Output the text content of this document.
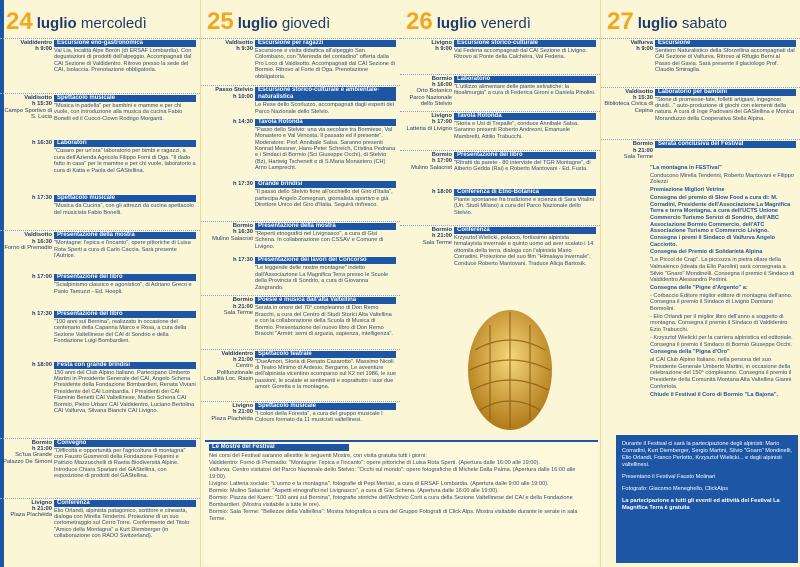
24 luglio mercoledì
Valdidentro
h 9:00
Escursione eno-gastronomica
Val Lia, località Alpe Borón (di ERSAF Lombardia). Con degustazioni di prodotti dell'alpeggio. Accompagnati dal CAI Sezione di Valdidentro. Ritrovo presso la sede del CAI, Isolaccia. Prenotazione obbligatoria.
Valdisotto
h 15:30
Campo Sportivo di S. Lucia
Spettacolo musicale
"Musica in padella" per bambini e mamme e per chi vuole, con introduzione alla musica da cucina Fabio Bonelli ed il Cuoco-Clown Rodrigo Morganti.
h 16:30 Laboratori
"Casaro per un'ora" laboratorio per bimbi e ragazzi, a cura dell'Azienda Agricola Filippo Forni di Oga. "Il dado fatto in casa" per le mamme e per chi vuole, laboratorio a cura di Katia e Paola del GAStellina.
h 17:30 Spettacolo musicale
"Musica da Cucina", con gli attrezzi da cucina spettacolo del musicista Fabio Bonelli.
Valdisotto
h 16:30
Forno di Premadio
Presentazione della mostra
"Montagne: l'epica e l'incanto", opere pittoriche di Luisa Rota Sperti a cura di Carlo Caccia. Sarà presente l'Autrice.
h 17:00 Presentazione del libro
"Scialpinismo classico e agonistico", di Adriano Greco e Paolo Tamuzzi - Ed. Hoepli.
h 17:30 Presentazione del libro
"100 anni sul Bernina", realizzato in occasione del centenario della Capanna Marco e Rosa, a cura della Sezione Valtellinese del CAI di Sondrio e della Fondazione Luigi Bombardieri.
h 18:00 Festa con grande brindisi
150 anni del Club Alpino Italiano. Partecipano Umberto Martini in Presidente Generale del CAI, Angelo Schena Presidente della Fondazione Bombardieri, Renata Viviani Presidente del CAI Lombardia. I Presidenti dei CAI Flaminio Benetti CAI Valtellinese, Matteo Schena CAI Bormio, Pietro Urbani CAI Valdidentro, Luciano Bertolina CAI Valfurva, Silvana Bianchi CAI Livigno.
Bormio
h 21:00
Sc'tua Grande Palazzo De Simoni
Convegno
"Difficoltà e opportunità per l'agricoltura di montagna" con Fausto Gusmeroli della Fondazione Fojanini e Patrizio Mazzucchelli di Raetia Biodiversità Alpine. Introduce Chiara Spariani del GAStellina, con esposizione di prodotti del GAStellina.
Livigno
h 21:00
Plaza Plachéida
Conferenza
Elio Orlandi, alpinista patagonico, scrittore e cineasta, dialoga con Mirella Tenderini. Proiezione di un suo cortometraggio sul Cerro Torre. Confermento del Titolo "Amico della Montagna" a Kurt Diemberger (in collaborazione con RADO Switzerland).
25 luglio giovedì
Valdisotto
h 9:30
Escursione per ragazzi
Escursione e visita didattica all'alpeggio San Colombano, con "Merenda del contadino" offerta dalla Pro Loco di Valdisotto. Accompagnati dal CAI Sezione di Bormio. Ritrovo al Forte di Oga. Prenotazione obbligatoria.
Passo Stelvio
h 10:00
Escursione storico-culturale e ambientale-naturalistica
Le Rese dello Scorluzzo, accompagnati dagli esperti del Parco Nazionale dello Stelvio.
h 14:30 Tavola Rotonda
"Passo dello Stelvio: una via secolare tra Bormiese, Val Monastero e Val Venosta. Il passato ed il presente". Moderatore: Prof. Annibale Salsa. Saranno presenti Konrad Messner, Hans-Peter Schreich, Cristina Pedrana e i Sindaci di Bormio (Sci Giuseppe Occhi), di Stelvio (Bz), Hartwig Tschenett e di S.Maria Monastero (CH) Arno Lamprecht.
h 17:30 Grande brindisi
"Il passo dello Stelvio fiore all'occhiello del Giro d'Italia", partecipa Angelo Zomegnan, giornalista sportivo e già Direttore Unico del Giro d'Italia. Seguirà rinfresco.
Bormio
h 16:30
Mulino Salacrist
Presentazione della mostra
"Reperti etnografici nel Livignasco", a cura di Gisi Schena. In collaborazione con CSSAV e Comune di Livigno.
h 17:30 Presentazione dei lavori del Concorso
"Le leggende delle nostre montagne" indetto dall'Associazione La Magnifica Terra presso le Scuole della Provincia di Sondrio, a cura di Giovanna Zangrando.
Bormio
h 21:00
Sala Terme
Poesie e musica dall'alta Valtellina
Serata in onore del 70° compleanno di Don Remo Bracchi, a cura del Centro di Studi Storici Alta Valtellina e con la collaborazione della Scuola di Musica di Bormio. Presentazione del nuovo libro di Don Remo Bracchi "Armèt: semi di arguzia, sapienza, intelligenza".
Valdidentro
h 21:00
Centro Polifunzionale Località Loc. Rasin
Spettacolo teatrale
"DueAmori, Storia di Renato Casarotto". Massimo Nicoli di Teatro Minimo di Ardesio, Bergamo. Le avventure dell'alpinista vicentino scomparso sul K2 nel 1986, le sue passioni, le scalate ei sentimenti e soprattutto i suoi due amori: Goretta e la montagna.
Livigno
h 21:00
Plaza Plachéida
Spettacolo musicale
"I colori della Foresta", a cura del gruppo musicale I Colours formato da 11 musicisti valtellinesi.
26 luglio venerdì
Livigno
h 9:00
Escursione storico-culturale
Val Federia accompagnati dal CAI Sezione di Livigno. Ritrovo al Ponte della Calchéira, Val Federia.
Bormio
h 16:00
Orto Botanico Parco Nazionale dello Stelvio
Laboratorio
"L'utilizzo alimentare delle piante selvatiche: la fitoalimurgia" a cura di Federica Gironi e Daniela Pinolini.
Livigno
h 17:00
Latteria di Livigno
Tavola Rotonda
"Storia e Usi di Trepalle", conduce Annibale Salsa. Saranno presenti Roberto Andreoni, Emanuele Mambretti, Attilio Trabucchi.
Bormio
h 17:00
Mulino Salacrist
Presentazione del libro
"Ritratti da parete - 80 interviste del TGR Montagne", di Alberto Gedda (Rai) e Roberto Mantovani - Ed. Fusta.
h 18:00 Conferenza di Etno-Botanica
Piante spontanee fra tradizione e scienza di Sara Vitalini (Un. Studi Milano) a cura del Parco Nazionale dello Stelvio.
Bormio
h 21:00
Sala Terme
Conferenza
Krzysztof Wielicki, polacco, fortissimo alpinista himalayista invernale e quinto uomo ad aver scalato i 14 ottomila della terra, dialoga con l'alpinista Mario Corradini. Proiezione del suo film "Himalaya invernale". Conduce Roberto Mantovani. Traduce Alicja Bartosik.
27 luglio sabato
Valfurva
h 9:00
Escursione
Sentiero Naturalistico della Sforzellina accompagnati dal CAI Sezione di Valfurva. Ritrovo al Rifugio Berni al Passo del Gavia. Sarà presente il glaciologo Prof. Claudio Smiraglia.
Valdisotto
h 15:30
Biblioteca Civica di Cepina
Laboratorio per bambini
"Storie di promesse-fate, folletti artigiani, ingegnosi druidi..." auto-produzione di giochi con elementi della natura. A cura di Inge Padovani del GAStellina e Monica Moranduzzo della Cooperativa Stella Alpina.
Bormio
h 21:00
Sala Terme
Serata conclusiva del Festival
"La montagna in FESTival"
Conducono Mirella Tenderini, Roberto Mantovani e Filippo Zolezzi
Premiazione Migliori Vetrine
Consegna del premio di Slow Food a cura di: M. Corradini, Presidente dell'Associazione La Magnifica Terra e terra Montagna, a cura dell'UCTS Unione Commercio Turismo Servizi di Sondrio, dell'ABC Associazione Bormio Commercio, dell'ATC Associazione Turismo e Commercio Livigno. Consegna i premi il Sindaco di Valfurva Angelo Cacciotto.
Consegna dei Premio di Solidarietà Alpina
"Le Piccol de Crap". La piccozza in pietra ollare della Valmalenco (ideata da Elio Parolini) sarà consegnata a Silvio "Gnaro" Mondinelli. Consegna il premio il Sindaco di Valdidentro Alessandro Pedrini.
Consegna delle "Pigne d'Argento" a:
- Corbaccio Editore miglior editore di montagna dell'anno. Consegna il premio il Sindaco di Livigno Damiano Bormolini.
- Elio Orlandi per il miglior libro dell'anno a soggetto di montagna. Consegna il premio il Sindaco di Valdidentro Ezio Trabucchi.
- Krzysztof Wielicki per la carriera alpinistica ed editoriale. Consegna il premio il Sindaco di Bormio Giuseppe Occhi.
Consegna della "Pigna d'Oro"
al CAI Club Alpino Italiano, nella persona del suo Presidente Generale Umberto Martini, in occasione della celebrazione del 150° compleanno. Consegna il premio il Presidente della Comunità Montana Alta Valtellina Gianni Confortola.
Chiude il Festival il Coro di Bormio "La Bajona".
Le Mostre del Festival
Nei corsi del Festival saranno allestite le seguenti Mostre, con visita gratuita tutti i giorni:
Valdidentro: Forno di Premadio: "Montagne: l'epica e l'incanto": opere pittoriche di Luisa Rota Sperti. (Apertura dalle 16:00 alle 19:00).
Valfurva: Centro visitatori del Parco Nazionale dello Stelvio: "Occhi sul mondo": opere fotografiche di Michele Dalla Palma. (Apertura dalle 16:00 alle 19:00).
Livigno: Latteria sociale: "L'uomo e la montagna", fotografie di Pepi Merisio, a cura di ERSAF Lombardia. (Apertura dalle 9:00 alle 19:00).
Bormio: Mulino Salacrist: "Aspetti etnografici nel Livignasco", a cura di Gisi Schena. (Apertura dalle 16:00 alle 19:00).
Bormio: Piazza del Kuerc: "100 anni sul Bernina", fotografie storiche dell'Archivio Corti a cura della Sezione Valtellinese del CAI e della Fondazione Bombardieri. (Mostra visitabile a tutte le ore).
Bormio: Sala Terme: "Bellezze della Valtellina": Mostra fotografica a cura del Gruppo Fotografi di Click Alps. Mostra visitabile durante le serate in sala Terme.

Durante il Festival ci sarà la partecipazione degli alpinisti: Mario Corradini, Kurt Diemberger, Sergio Martini, Silvio "Gnaro" Mondinelli, Elio Orlandi, Franco Perlotto, Krzysztof Wielicki... e degli alpinisti valtellinesi.

Presentano il Festival Fausto Molinari

Fotografo: Giacomo Meneghello, ClickAlps

La partecipazione a tutti gli eventi ed attività del Festival La Magnifica Terra è gratuita
